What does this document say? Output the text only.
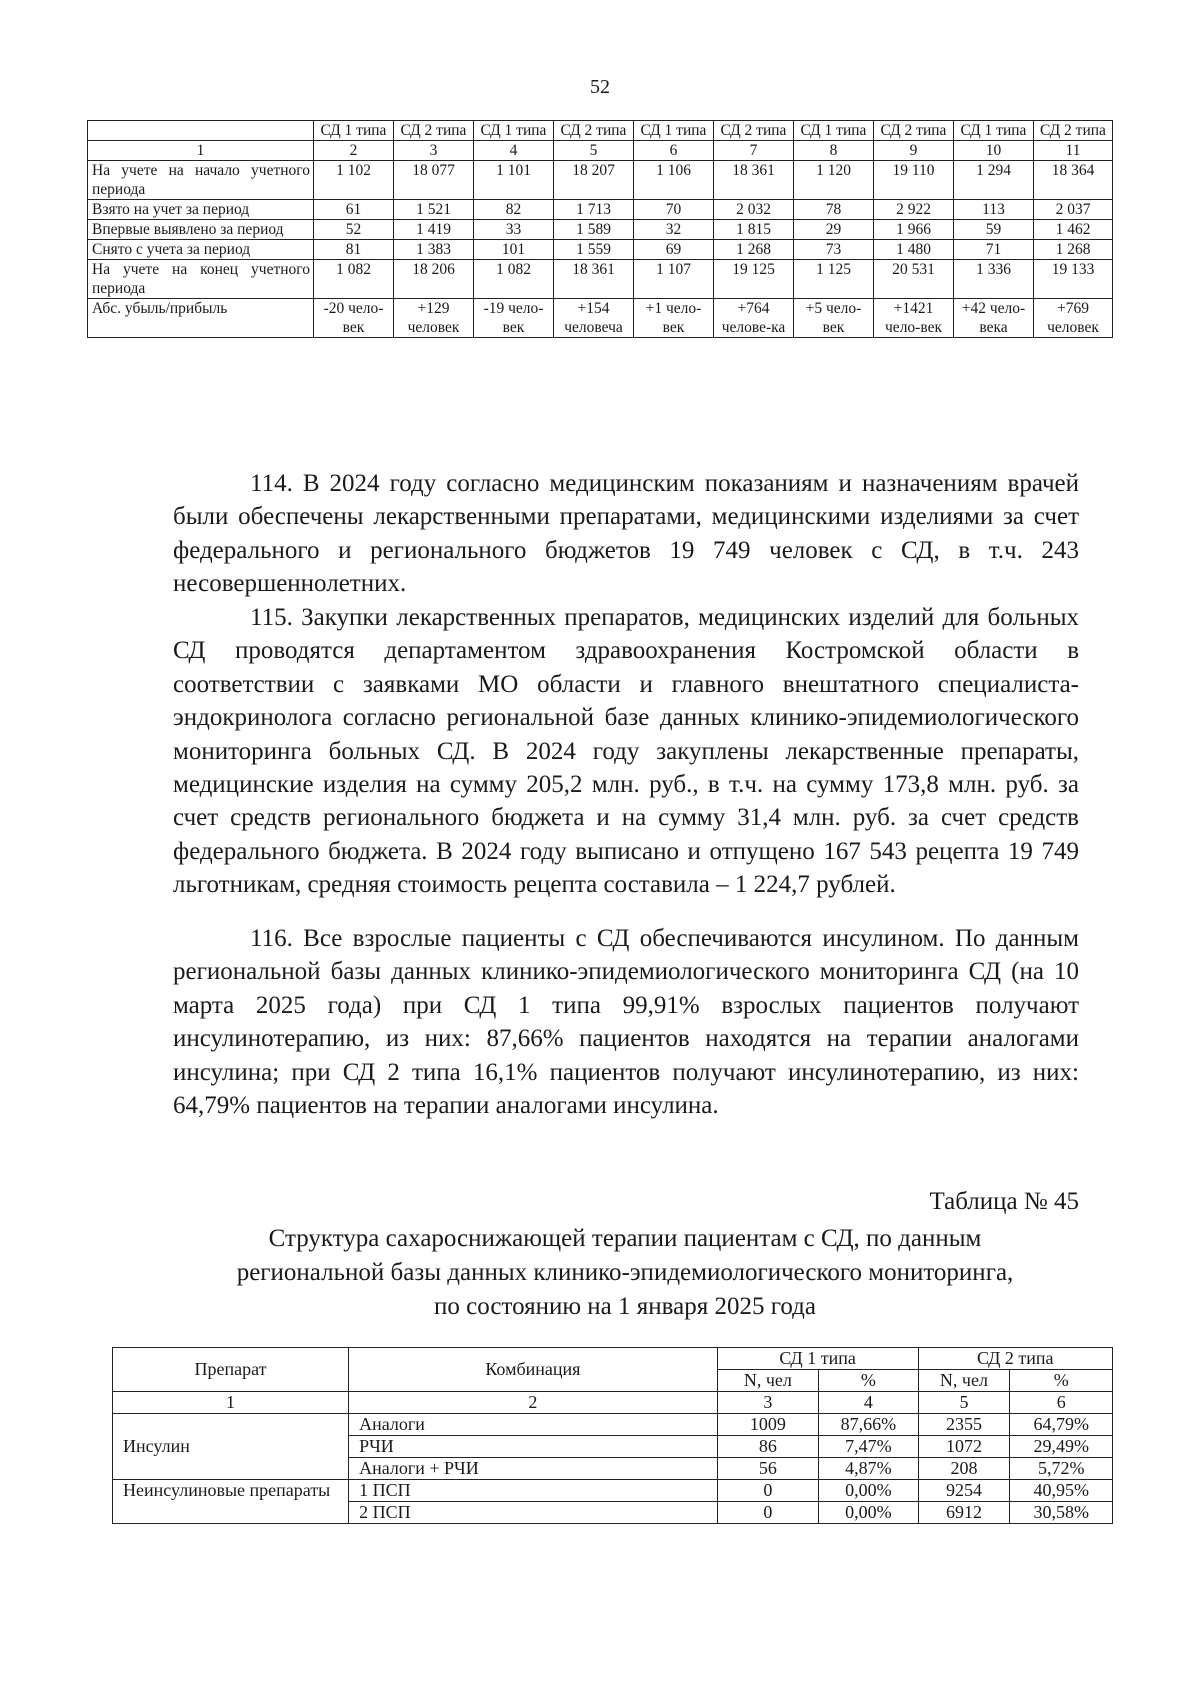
52
	СД 1 типа	СД 2 типа	СД 1 типа	СД 2 типа	СД 1 типа	СД 2 типа	СД 1 типа	СД 2 типа	СД 1 типа	СД 2 типа
1	2	3	4	5	6	7	8	9	10	11
На учете на начало учетного периода	1 102	18 077	1 101	18 207	1 106	18 361	1 120	19 110	1 294	18 364
Взято на учет за период	61	1 521	82	1 713	70	2 032	78	2 922	113	2 037
Впервые выявлено за период	52	1 419	33	1 589	32	1 815	29	1 966	59	1 462
Снято с учета за период	81	1 383	101	1 559	69	1 268	73	1 480	71	1 268
На учете на конец учетного периода	1 082	18 206	1 082	18 361	1 107	19 125	1 125	20 531	1 336	19 133
Абс. убыль/прибыль	-20 чело-век	+129 человек	-19 чело-век	+154 человеча	+1 чело-век	+764 челове-ка	+5 чело-век	+1421 чело-век	+42 чело-века	+769 человек

114. В 2024 году согласно медицинским показаниям и назначениям врачей были обеспечены лекарственными препаратами, медицинскими изделиями за счет федерального и регионального бюджетов 19 749 человек с СД, в т.ч. 243 несовершеннолетних.

115. Закупки лекарственных препаратов, медицинских изделий для больных СД проводятся департаментом здравоохранения Костромской области в соответствии с заявками МО области и главного внештатного специалиста-эндокринолога согласно региональной базе данных клинико-эпидемиологического мониторинга больных СД. В 2024 году закуплены лекарственные препараты, медицинские изделия на сумму 205,2 млн. руб., в т.ч. на сумму 173,8 млн. руб. за счет средств регионального бюджета и на сумму 31,4 млн. руб. за счет средств федерального бюджета. В 2024 году выписано и отпущено 167 543 рецепта 19 749 льготникам, средняя стоимость рецепта составила – 1 224,7 рублей.

116. Все взрослые пациенты с СД обеспечиваются инсулином. По данным региональной базы данных клинико-эпидемиологического мониторинга СД (на 10 марта 2025 года) при СД 1 типа 99,91% взрослых пациентов получают инсулинотерапию, из них: 87,66% пациентов находятся на терапии аналогами инсулина; при СД 2 типа 16,1% пациентов получают инсулинотерапию, из них: 64,79% пациентов на терапии аналогами инсулина.

Таблица № 45
Структура сахароснижающей терапии пациентам с СД, по данным
региональной базы данных клинико-эпидемиологического мониторинга,
по состоянию на 1 января 2025 года
Препарат	Комбинация	СД 1 типа		СД 2 типа	
		N, чел	%	N, чел	%
1	2	3	4	5	6
Инсулин	Аналоги	1009	87,66%	2355	64,79%
	РЧИ	86	7,47%	1072	29,49%
	Аналоги + РЧИ	56	4,87%	208	5,72%
Неинсулиновые препараты	1 ПСП	0	0,00%	9254	40,95%
	2 ПСП	0	0,00%	6912	30,58%
